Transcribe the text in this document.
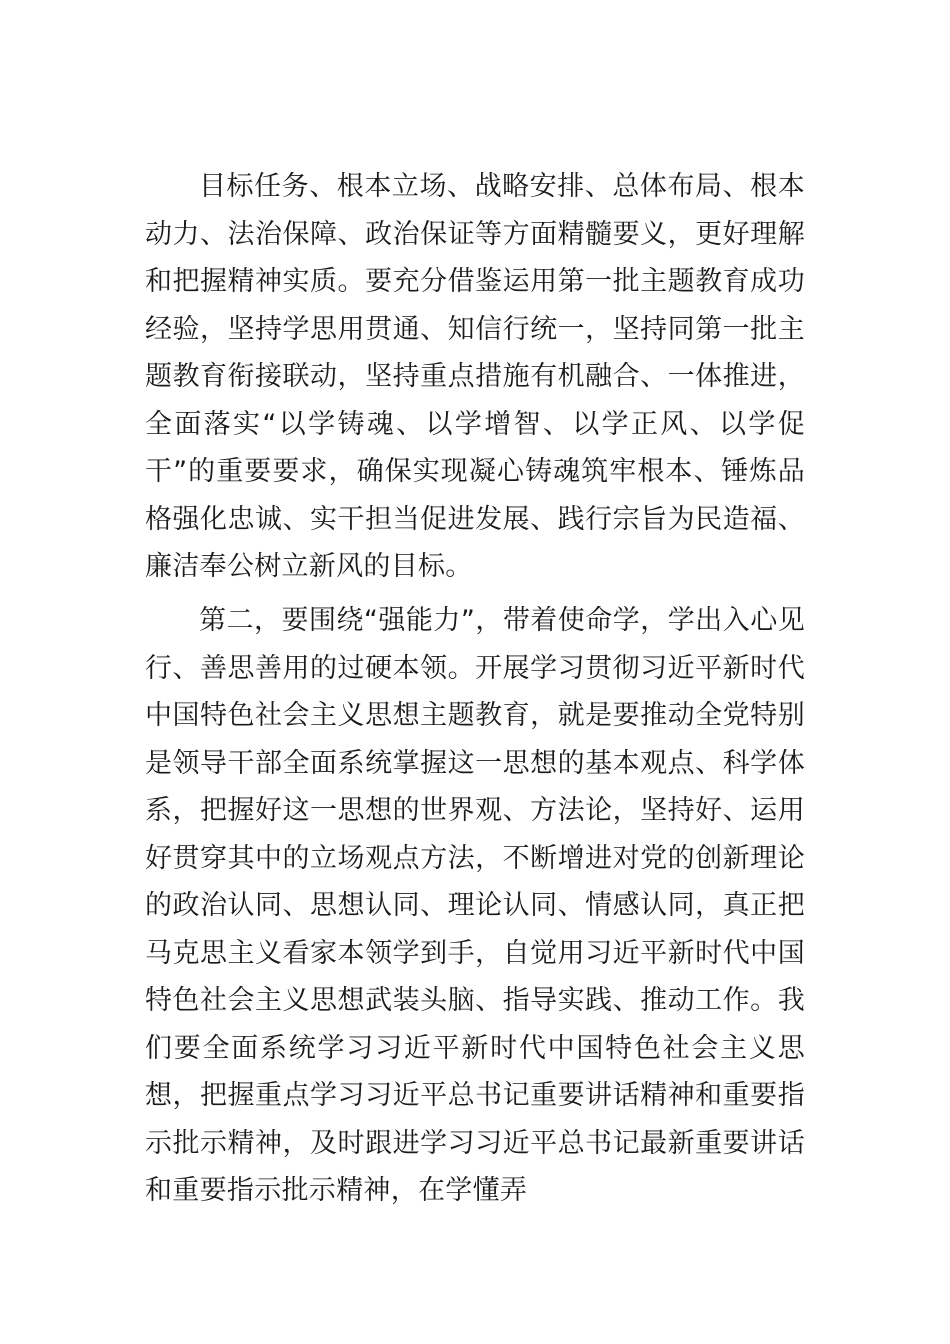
目标任务、根本立场、战略安排、总体布局、根本动力、法治保障、政治保证等方面精髓要义，更好理解和把握精神实质。要充分借鉴运用第一批主题教育成功经验，坚持学思用贯通、知信行统一，坚持同第一批主题教育衔接联动，坚持重点措施有机融合、一体推进，全面落实“以学铸魂、以学增智、以学正风、以学促干”的重要要求，确保实现凝心铸魂筑牢根本、锤炼品格强化忠诚、实干担当促进发展、践行宗旨为民造福、廉洁奉公树立新风的目标。

第二，要围绕“强能力”，带着使命学，学出入心见行、善思善用的过硬本领。开展学习贯彻习近平新时代中国特色社会主义思想主题教育，就是要推动全党特别是领导干部全面系统掌握这一思想的基本观点、科学体系，把握好这一思想的世界观、方法论，坚持好、运用好贯穿其中的立场观点方法，不断增进对党的创新理论的政治认同、思想认同、理论认同、情感认同，真正把马克思主义看家本领学到手，自觉用习近平新时代中国特色社会主义思想武装头脑、指导实践、推动工作。我们要全面系统学习习近平新时代中国特色社会主义思想，把握重点学习习近平总书记重要讲话精神和重要指示批示精神，及时跟进学习习近平总书记最新重要讲话和重要指示批示精神，在学懂弄
